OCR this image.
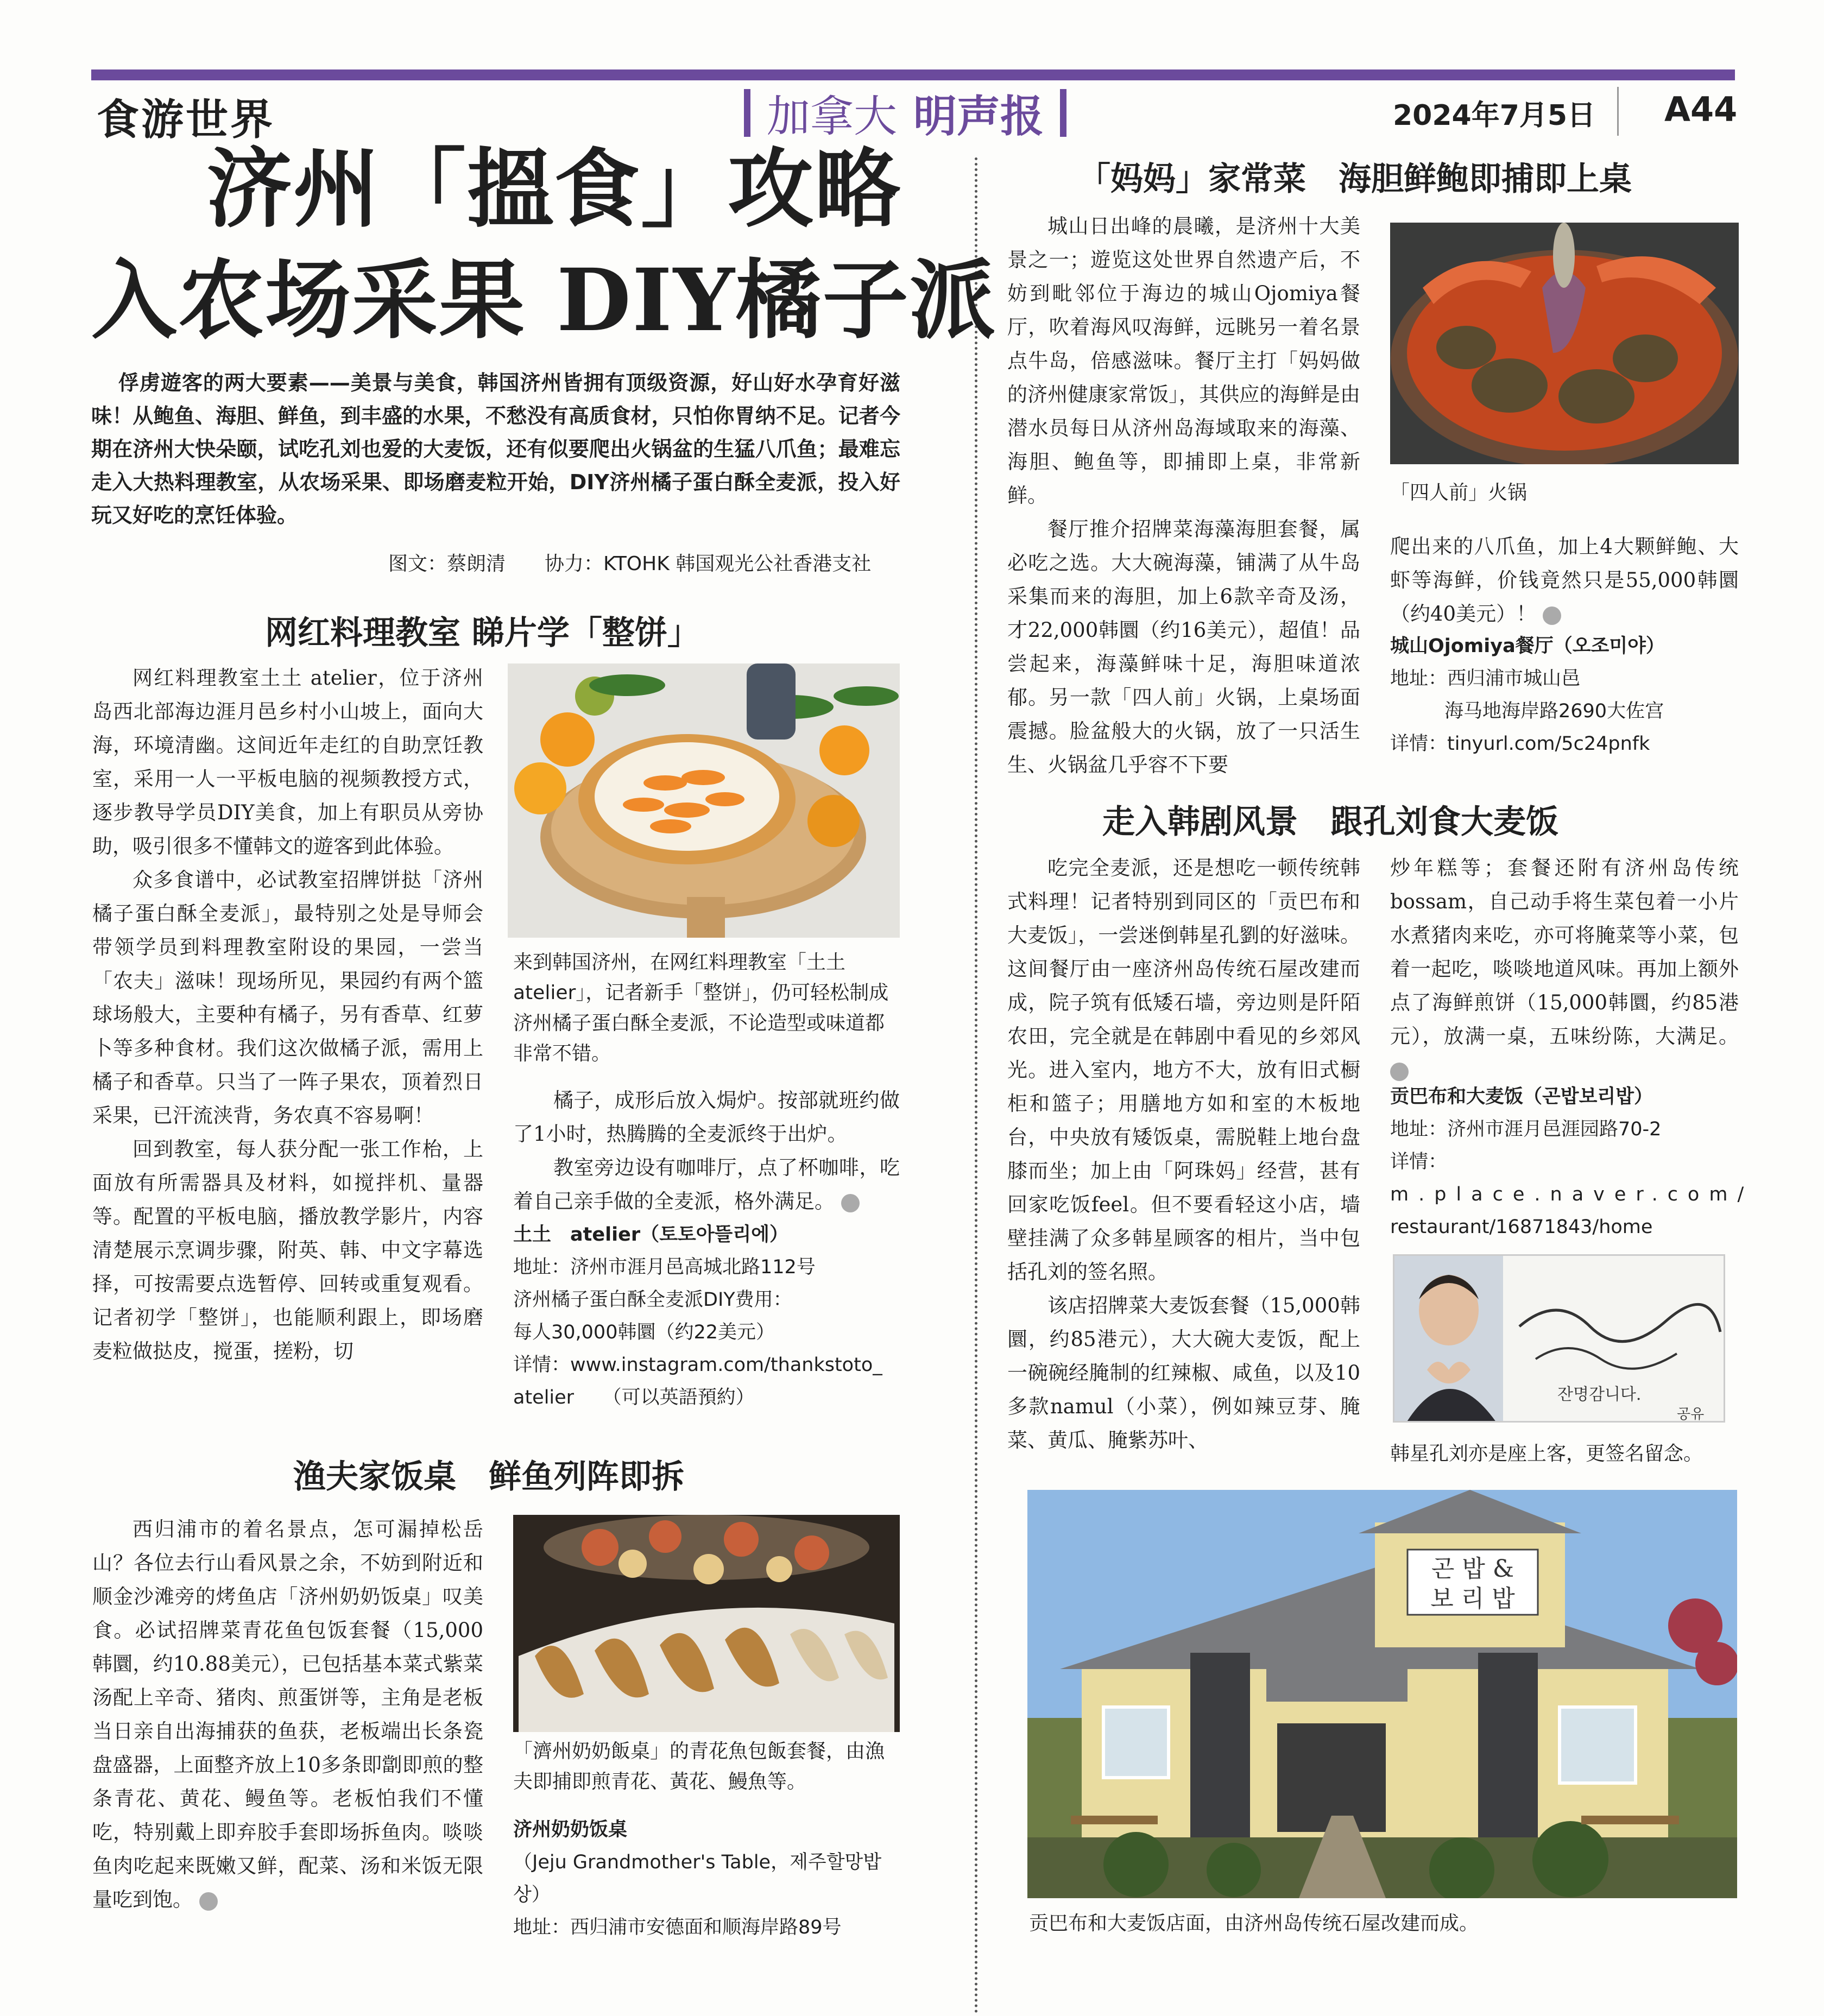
食游世界	加拿大 明声报	2024年7月5日 A44
济州「搵食」攻略
入农场采果 DIY橘子派
俘虏遊客的两大要素——美景与美食，韩国济州皆拥有顶级资源，好山好水孕育好滋味！从鲍鱼、海胆、鲜鱼，到丰盛的水果，不愁没有高质食材，只怕你胃纳不足。记者今期在济州大快朵颐，试吃孔刘也爱的大麦饭，还有似要爬出火锅盆的生猛八爪鱼；最难忘走入大热料理教室，从农场采果、即场磨麦粒开始，DIY济州橘子蛋白酥全麦派，投入好玩又好吃的烹饪体验。
图文：蔡朗清　　协力：KTOHK 韩国观光公社香港支社
网红料理教室 睇片学「整饼」

网红料理教室土土 atelier，位于济州岛西北部海边涯月邑乡村小山坡上，面向大海，环境清幽。这间近年走红的自助烹饪教室，采用一人一平板电脑的视频教授方式，逐步教导学员DIY美食，加上有职员从旁协助，吸引很多不懂韩文的遊客到此体验。

众多食谱中，必试教室招牌饼挞「济州橘子蛋白酥全麦派」，最特别之处是导师会带领学员到料理教室附设的果园，一尝当「农夫」滋味！现场所见，果园约有两个篮球场般大，主要种有橘子，另有香草、红萝卜等多种食材。我们这次做橘子派，需用上橘子和香草。只当了一阵子果农，顶着烈日采果，已汗流浃背，务农真不容易啊！

回到教室，每人获分配一张工作枱，上面放有所需器具及材料，如搅拌机、量器等。配置的平板电脑，播放教学影片，内容清楚展示烹调步骤，附英、韩、中文字幕选择，可按需要点选暂停、回转或重复观看。记者初学「整饼」，也能顺利跟上，即场磨麦粒做挞皮，搅蛋，搓粉，切

来到韩国济州，在网红料理教室「土土 atelier」，记者新手「整饼」，仍可轻松制成济州橘子蛋白酥全麦派，不论造型或味道都非常不错。

橘子，成形后放入焗炉。按部就班约做了1小时，热腾腾的全麦派终于出炉。

教室旁边设有咖啡厅，点了杯咖啡，吃着自己亲手做的全麦派，格外满足。

土土　atelier（토토아뜰리에）
地址：济州市涯月邑高城北路112号
济州橘子蛋白酥全麦派DIY费用：
每人30,000韩圜（约22美元）
详情：www.instagram.com/thankstoto_
atelier　　（可以英語預約）
渔夫家饭桌　鲜鱼列阵即拆

西归浦市的着名景点，怎可漏掉松岳山？各位去行山看风景之余，不妨到附近和顺金沙滩旁的烤鱼店「济州奶奶饭桌」叹美食。必试招牌菜青花鱼包饭套餐（15,000韩圜，约10.88美元），已包括基本菜式紫菜汤配上辛奇、猪肉、煎蛋饼等，主角是老板当日亲自出海捕获的鱼获，老板端出长条瓷盘盛器，上面整齐放上10多条即劏即煎的整条青花、黄花、鳗鱼等。老板怕我们不懂吃，特别戴上即弃胶手套即场拆鱼肉。啖啖鱼肉吃起来既嫩又鲜，配菜、汤和米饭无限量吃到饱。

「濟州奶奶飯桌」的青花魚包飯套餐，由漁夫即捕即煎青花、黃花、鰻魚等。
济州奶奶饭桌
（Jeju Grandmother's Table，제주할망밥상）
地址：西归浦市安德面和顺海岸路89号
「妈妈」家常菜　海胆鲜鲍即捕即上桌

城山日出峰的晨曦，是济州十大美景之一；遊览这处世界自然遗产后，不妨到毗邻位于海边的城山Ojomiya餐厅，吹着海风叹海鲜，远眺另一着名景点牛岛，倍感滋味。餐厅主打「妈妈做的济州健康家常饭」，其供应的海鲜是由潜水员每日从济州岛海域取来的海藻、海胆、鲍鱼等，即捕即上桌，非常新鲜。

餐厅推介招牌菜海藻海胆套餐，属必吃之选。大大碗海藻，铺满了从牛岛采集而来的海胆，加上6款辛奇及汤，才22,000韩圜（约16美元），超值！品尝起来，海藻鲜味十足，海胆味道浓郁。另一款「四人前」火锅，上桌场面震撼。脸盆般大的火锅，放了一只活生生、火锅盆几乎容不下要

「四人前」火锅

爬出来的八爪鱼，加上4大颗鲜鲍、大虾等海鲜，价钱竟然只是55,000韩圜（约40美元）！

城山Ojomiya餐厅（오조미야）
地址：西归浦市城山邑
海马地海岸路2690大佐宫
详情：tinyurl.com/5c24pnfk
走入韩剧风景　跟孔刘食大麦饭

吃完全麦派，还是想吃一顿传统韩式料理！记者特别到同区的「贡巴布和大麦饭」，一尝迷倒韩星孔劉的好滋味。这间餐厅由一座济州岛传统石屋改建而成，院子筑有低矮石墙，旁边则是阡陌农田，完全就是在韩剧中看见的乡郊风光。进入室内，地方不大，放有旧式橱柜和篮子；用膳地方如和室的木板地台，中央放有矮饭桌，需脱鞋上地台盘膝而坐；加上由「阿珠妈」经营，甚有回家吃饭feel。但不要看轻这小店，墙壁挂满了众多韩星顾客的相片，当中包括孔刘的签名照。

该店招牌菜大麦饭套餐（15,000韩圜，约85港元），大大碗大麦饭，配上一碗碗经腌制的红辣椒、咸鱼，以及10多款namul（小菜），例如辣豆芽、腌菜、黄瓜、腌紫苏叶、

炒年糕等；套餐还附有济州岛传统bossam，自己动手将生菜包着一小片水煮猪肉来吃，亦可将腌菜等小菜，包着一起吃，啖啖地道风味。再加上额外点了海鲜煎饼（15,000韩圜，约85港元），放满一桌，五味纷陈，大满足。

贡巴布和大麦饭（곤밥보리밥）
地址：济州市涯月邑涯园路70-2
详情：
m.place.naver.com/
restaurant/16871843/home
잔명감니다.
공유
韩星孔刘亦是座上客，更签名留念。
곤 밥 &
보 리 밥
贡巴布和大麦饭店面，由济州岛传统石屋改建而成。
